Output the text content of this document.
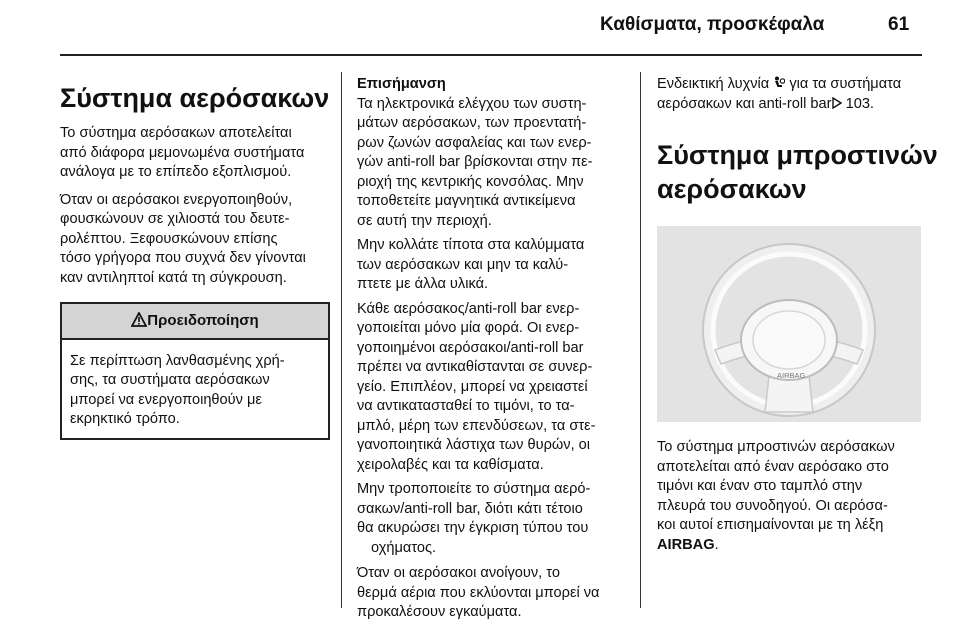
Καθίσματα, προσκέφαλα	61
Σύστημα αερόσακων

Το σύστημα αερόσακων αποτελείται
από διάφορα μεμονωμένα συστήματα
ανάλογα με το επίπεδο εξοπλισμού.

Όταν οι αερόσακοι ενεργοποιηθούν,
φουσκώνουν σε χιλιοστά του δευτε-
ρολέπτου. Ξεφουσκώνουν επίσης
τόσο γρήγορα που συχνά δεν γίνονται
καν αντιληπτοί κατά τη σύγκρουση.

Προειδοποίηση
Σε περίπτωση λανθασμένης χρή-
σης, τα συστήματα αερόσακων
μπορεί να ενεργοποιηθούν με
εκρηκτικό τρόπο.
Επισήμανση

Τα ηλεκτρονικά ελέγχου των συστη-
μάτων αερόσακων, των προεντατή-
ρων ζωνών ασφαλείας και των ενερ-
γών anti-roll bar βρίσκονται στην πε-
ριοχή της κεντρικής κονσόλας. Μην
τοποθετείτε μαγνητικά αντικείμενα
σε αυτή την περιοχή.

Μην κολλάτε τίποτα στα καλύμματα
των αερόσακων και μην τα καλύ-
πτετε με άλλα υλικά.

Κάθε αερόσακος/anti-roll bar ενερ-
γοποιείται μόνο μία φορά. Οι ενερ-
γοποιημένοι αερόσακοι/anti-roll bar
πρέπει να αντικαθίστανται σε συνερ-
γείο. Επιπλέον, μπορεί να χρειαστεί
να αντικατασταθεί το τιμόνι, το τα-
μπλό, μέρη των επενδύσεων, τα στε-
γανοποιητικά λάστιχα των θυρών, οι
χειρολαβές και τα καθίσματα.

Μην τροποποιείτε το σύστημα αερό-
σακων/anti-roll bar, διότι κάτι τέτοιο
θα ακυρώσει την έγκριση τύπου του
οχήματος.

Όταν οι αερόσακοι ανοίγουν, το
θερμά αέρια που εκλύονται μπορεί να
προκαλέσουν εγκαύματα.

Ενδεικτική λυχνία  για τα συστήματα
αερόσακων και anti-roll bar 103.

Σύστημα μπροστινών
αερόσακων
AIRBAG

Το σύστημα μπροστινών αερόσακων
αποτελείται από έναν αερόσακο στο
τιμόνι και έναν στο ταμπλό στην
πλευρά του συνοδηγού. Οι αερόσα-
κοι αυτοί επισημαίνονται με τη λέξη
AIRBAG.
